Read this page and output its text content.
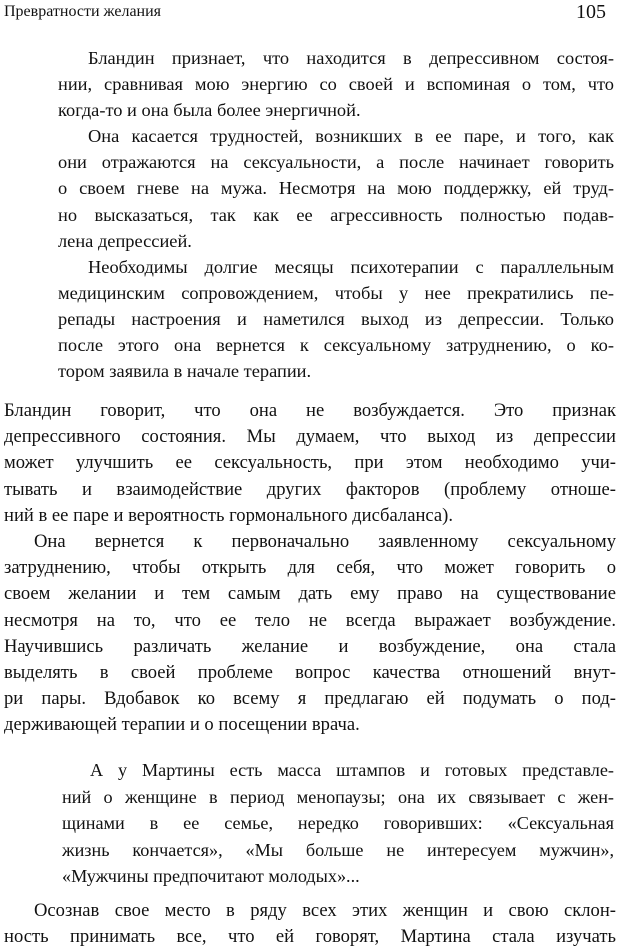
Превратности желания	105
Бландин признает, что находится в депрессивном состоя-
нии, сравнивая мою энергию со своей и вспоминая о том, что
когда-то и она была более энергичной.
Она касается трудностей, возникших в ее паре, и того, как
они отражаются на сексуальности, а после начинает говорить
о своем гневе на мужа. Несмотря на мою поддержку, ей труд-
но высказаться, так как ее агрессивность полностью подав-
лена депрессией.
Необходимы долгие месяцы психотерапии с параллельным
медицинским сопровождением, чтобы у нее прекратились пе-
репады настроения и наметился выход из депрессии. Только
после этого она вернется к сексуальному затруднению, о ко-
тором заявила в начале терапии.
Бландин говорит, что она не возбуждается. Это признак
депрессивного состояния. Мы думаем, что выход из депрессии
может улучшить ее сексуальность, при этом необходимо учи-
тывать и взаимодействие других факторов (проблему отноше-
ний в ее паре и вероятность гормонального дисбаланса).
Она вернется к первоначально заявленному сексуальному
затруднению, чтобы открыть для себя, что может говорить о
своем желании и тем самым дать ему право на существование
несмотря на то, что ее тело не всегда выражает возбуждение.
Научившись различать желание и возбуждение, она стала
выделять в своей проблеме вопрос качества отношений внут-
ри пары. Вдобавок ко всему я предлагаю ей подумать о под-
держивающей терапии и о посещении врача.
А у Мартины есть масса штампов и готовых представле-
ний о женщине в период менопаузы; она их связывает с жен-
щинами в ее семье, нередко говоривших: «Сексуальная
жизнь кончается», «Мы больше не интересуем мужчин»,
«Мужчины предпочитают молодых»...
Осознав свое место в ряду всех этих женщин и свою склон-
ность принимать все, что ей говорят, Мартина стала изучать
